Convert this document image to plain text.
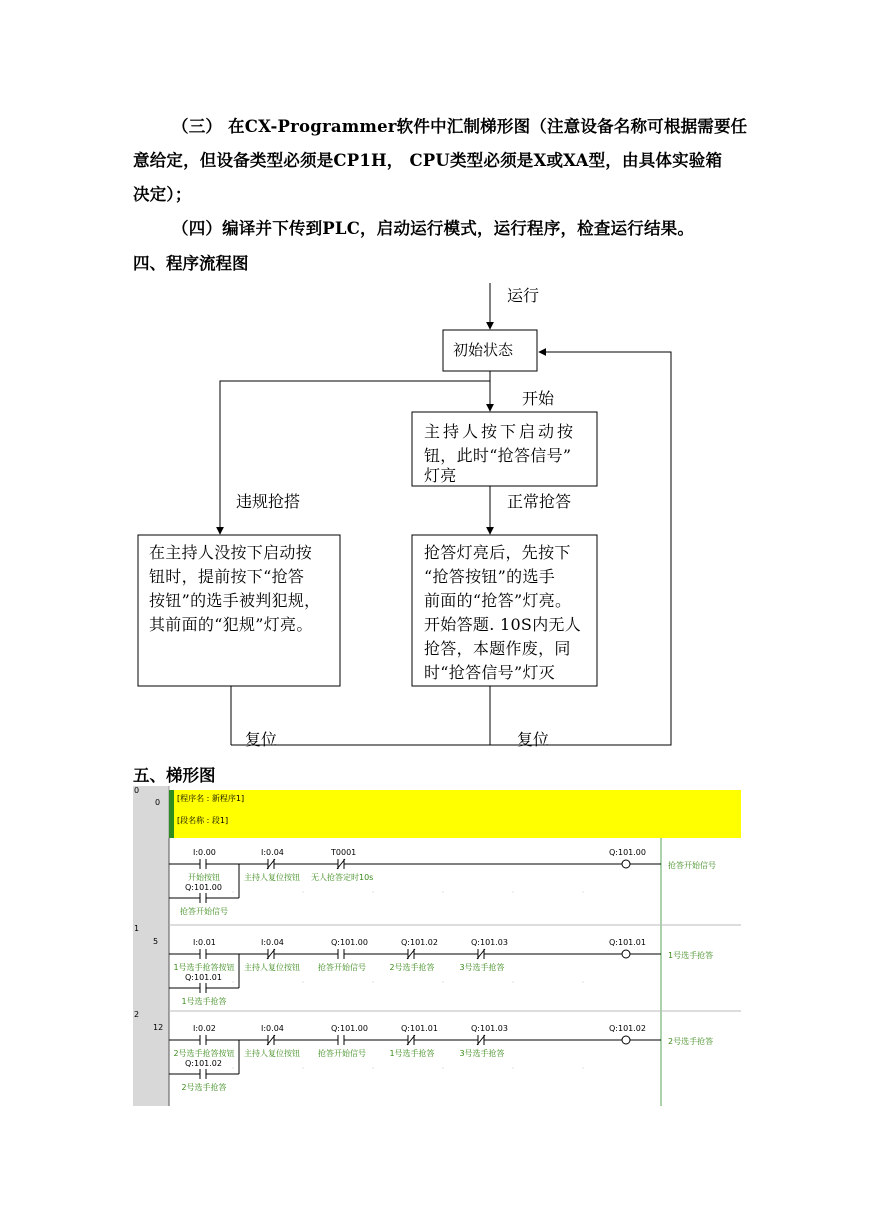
（三） 在CX-Programmer软件中汇制梯形图（注意设备名称可根据需要任
意给定，但设备类型必须是CP1H， CPU类型必须是X或XA型，由具体实验箱
决定）；
（四）编译并下传到PLC，启动运行模式，运行程序，检查运行结果。
四、程序流程图
运行
初始状态
开始
主持人按下启动按
钮，此时“抢答信号”
灯亮
正常抢答
违规抢搭
在主持人没按下启动按
钮时，提前按下“抢答
按钮”的选手被判犯规，
其前面的“犯规”灯亮。
抢答灯亮后，先按下
“抢答按钮”的选手
前面的“抢答”灯亮。
开始答题. 10S内无人
抢答，本题作废，同
时“抢答信号”灯灭
复位	复位
五、梯形图
0
0 [程序名 : 新程序1]
[段名称 : 段1]
I:0.00
开始按钮
I:0.04
主持人复位按钮
T0001
无人抢答定时10s
Q:101.00
抢答开始信号
Q:101.00
抢答开始信号
1
5	I:0.01
1号选手抢答按钮
I:0.04
主持人复位按钮
Q:101.00
抢答开始信号
Q:101.02
2号选手抢答
Q:101.03
3号选手抢答
Q:101.01
1号选手抢答
Q:101.01
1号选手抢答
2
12	I:0.02
2号选手抢答按钮
I:0.04
主持人复位按钮
Q:101.00
抢答开始信号
Q:101.01
1号选手抢答
Q:101.03
3号选手抢答
Q:101.02
2号选手抢答
Q:101.02
2号选手抢答
